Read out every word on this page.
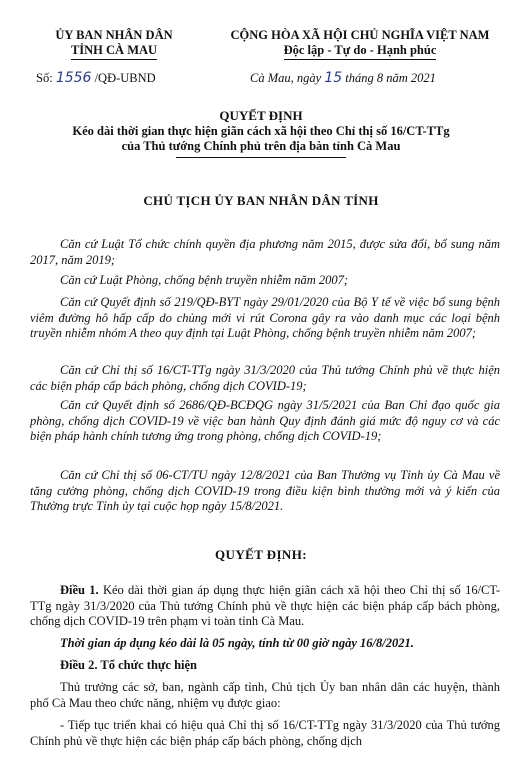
ỦY BAN NHÂN DÂN
TỈNH CÀ MAU
CỘNG HÒA XÃ HỘI CHỦ NGHĨA VIỆT NAM
Độc lập - Tự do - Hạnh phúc
Số: 1556 /QĐ-UBND	Cà Mau, ngày 15 tháng 8 năm 2021
QUYẾT ĐỊNH
Kéo dài thời gian thực hiện giãn cách xã hội theo Chỉ thị số 16/CT-TTg
của Thủ tướng Chính phủ trên địa bàn tỉnh Cà Mau
CHỦ TỊCH ỦY BAN NHÂN DÂN TỈNH
Căn cứ Luật Tổ chức chính quyền địa phương năm 2015, được sửa đổi, bổ sung năm 2017, năm 2019;
Căn cứ Luật Phòng, chống bệnh truyền nhiễm năm 2007;
Căn cứ Quyết định số 219/QĐ-BYT ngày 29/01/2020 của Bộ Y tế về việc bổ sung bệnh viêm đường hô hấp cấp do chủng mới vi rút Corona gây ra vào danh mục các loại bệnh truyền nhiễm nhóm A theo quy định tại Luật Phòng, chống bệnh truyền nhiễm năm 2007;
Căn cứ Chỉ thị số 16/CT-TTg ngày 31/3/2020 của Thủ tướng Chính phủ về thực hiện các biện pháp cấp bách phòng, chống dịch COVID-19;
Căn cứ Quyết định số 2686/QĐ-BCĐQG ngày 31/5/2021 của Ban Chỉ đạo quốc gia phòng, chống dịch COVID-19 về việc ban hành Quy định đánh giá mức độ nguy cơ và các biện pháp hành chính tương ứng trong phòng, chống dịch COVID-19;
Căn cứ Chỉ thị số 06-CT/TU ngày 12/8/2021 của Ban Thường vụ Tỉnh ủy Cà Mau về tăng cường phòng, chống dịch COVID-19 trong điều kiện bình thường mới và ý kiến của Thường trực Tỉnh ủy tại cuộc họp ngày 15/8/2021.
QUYẾT ĐỊNH:
Điều 1. Kéo dài thời gian áp dụng thực hiện giãn cách xã hội theo Chỉ thị số 16/CT-TTg ngày 31/3/2020 của Thủ tướng Chính phủ về thực hiện các biện pháp cấp bách phòng, chống dịch COVID-19 trên phạm vi toàn tỉnh Cà Mau.
Thời gian áp dụng kéo dài là 05 ngày, tính từ 00 giờ ngày 16/8/2021.
Điều 2. Tổ chức thực hiện
Thủ trưởng các sở, ban, ngành cấp tỉnh, Chủ tịch Ủy ban nhân dân các huyện, thành phố Cà Mau theo chức năng, nhiệm vụ được giao:
- Tiếp tục triển khai có hiệu quả Chỉ thị số 16/CT-TTg ngày 31/3/2020 của Thủ tướng Chính phủ về thực hiện các biện pháp cấp bách phòng, chống dịch
